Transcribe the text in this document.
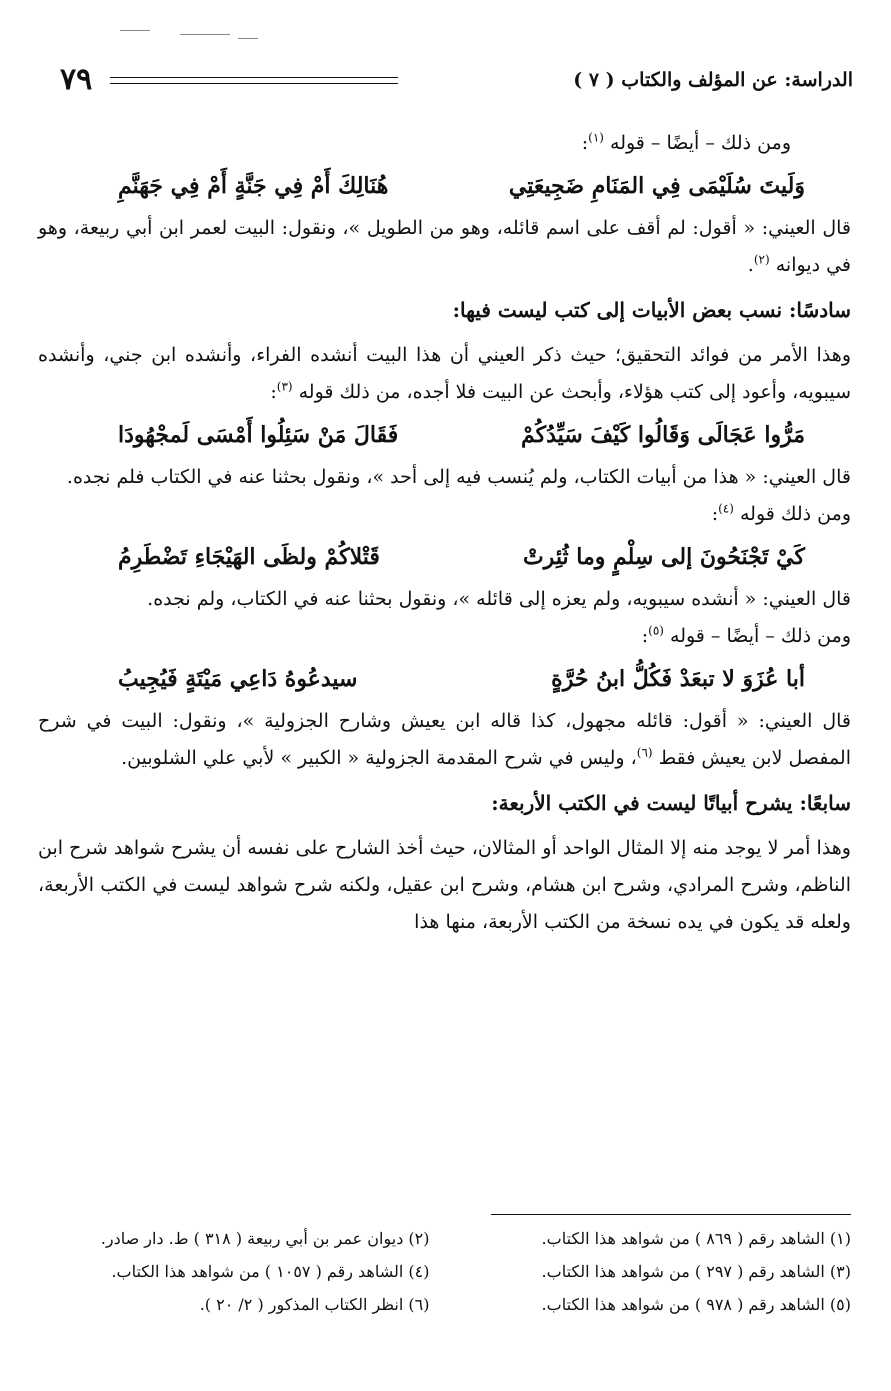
٧٩	الدراسة: عن المؤلف والكتاب ( ٧ )

ومن ذلك – أيضًا – قوله $^{(١)}$:

وَلَيتَ سُلَيْمَى فِي المَنَامِ ضَجِيعَتِي
هُنَالِكَ أَمْ فِي جَنَّةٍ أَمْ فِي جَهَنَّمِ

قال العيني: « أقول: لم أقف على اسم قائله، وهو من الطويل »، ونقول: البيت لعمر ابن أبي ربيعة، وهو في ديوانه $^{(٢)}$.

سادسًا: نسب بعض الأبيات إلى كتب ليست فيها:

وهذا الأمر من فوائد التحقيق؛ حيث ذكر العيني أن هذا البيت أنشده الفراء، وأنشده ابن جني، وأنشده سيبويه، وأعود إلى كتب هؤلاء، وأبحث عن البيت فلا أجده، من ذلك قوله $^{(٣)}$:

مَرُّوا عَجَالَى وَقَالُوا كَيْفَ سَيِّدُكُمْ
فَقَالَ مَنْ سَئِلُوا أَمْسَى لَمجْهُودَا

قال العيني: « هذا من أبيات الكتاب، ولم يُنسب فيه إلى أحد »، ونقول بحثنا عنه في الكتاب فلم نجده.

ومن ذلك قوله $^{(٤)}$:

كَيْ تَجْنَحُونَ إلى سِلْمٍ وما ثُئِرتْ
قَتْلاكُمْ ولظَى الهَيْجَاءِ تَضْطَرِمُ

قال العيني: « أنشده سيبويه، ولم يعزه إلى قائله »، ونقول بحثنا عنه في الكتاب، ولم نجده.

ومن ذلك – أيضًا – قوله $^{(٥)}$:

أبا عُزَوَ لا تبعَدْ فَكُلُّ ابنُ حُرَّةٍ
سيدعُوهُ دَاعِي مَيْتَةٍ فَيُجِيبُ

قال العيني: « أقول: قائله مجهول، كذا قاله ابن يعيش وشارح الجزولية »، ونقول: البيت في شرح المفصل لابن يعيش فقط $^{(٦)}$، وليس في شرح المقدمة الجزولية « الكبير » لأبي علي الشلوبين.

سابعًا: يشرح أبياتًا ليست في الكتب الأربعة:

وهذا أمر لا يوجد منه إلا المثال الواحد أو المثالان، حيث أخذ الشارح على نفسه أن يشرح شواهد شرح ابن الناظم، وشرح المرادي، وشرح ابن هشام، وشرح ابن عقيل، ولكنه شرح شواهد ليست في الكتب الأربعة، ولعله قد يكون في يده نسخة من الكتب الأربعة، منها هذا

(١) الشاهد رقم ( ٨٦٩ ) من شواهد هذا الكتاب.
(٢) ديوان عمر بن أبي ربيعة ( ٣١٨ ) ط. دار صادر.
(٣) الشاهد رقم ( ٢٩٧ ) من شواهد هذا الكتاب.
(٤) الشاهد رقم ( ١٠٥٧ ) من شواهد هذا الكتاب.
(٥) الشاهد رقم ( ٩٧٨ ) من شواهد هذا الكتاب.
(٦) انظر الكتاب المذكور ( ٢/ ٢٠ ).
